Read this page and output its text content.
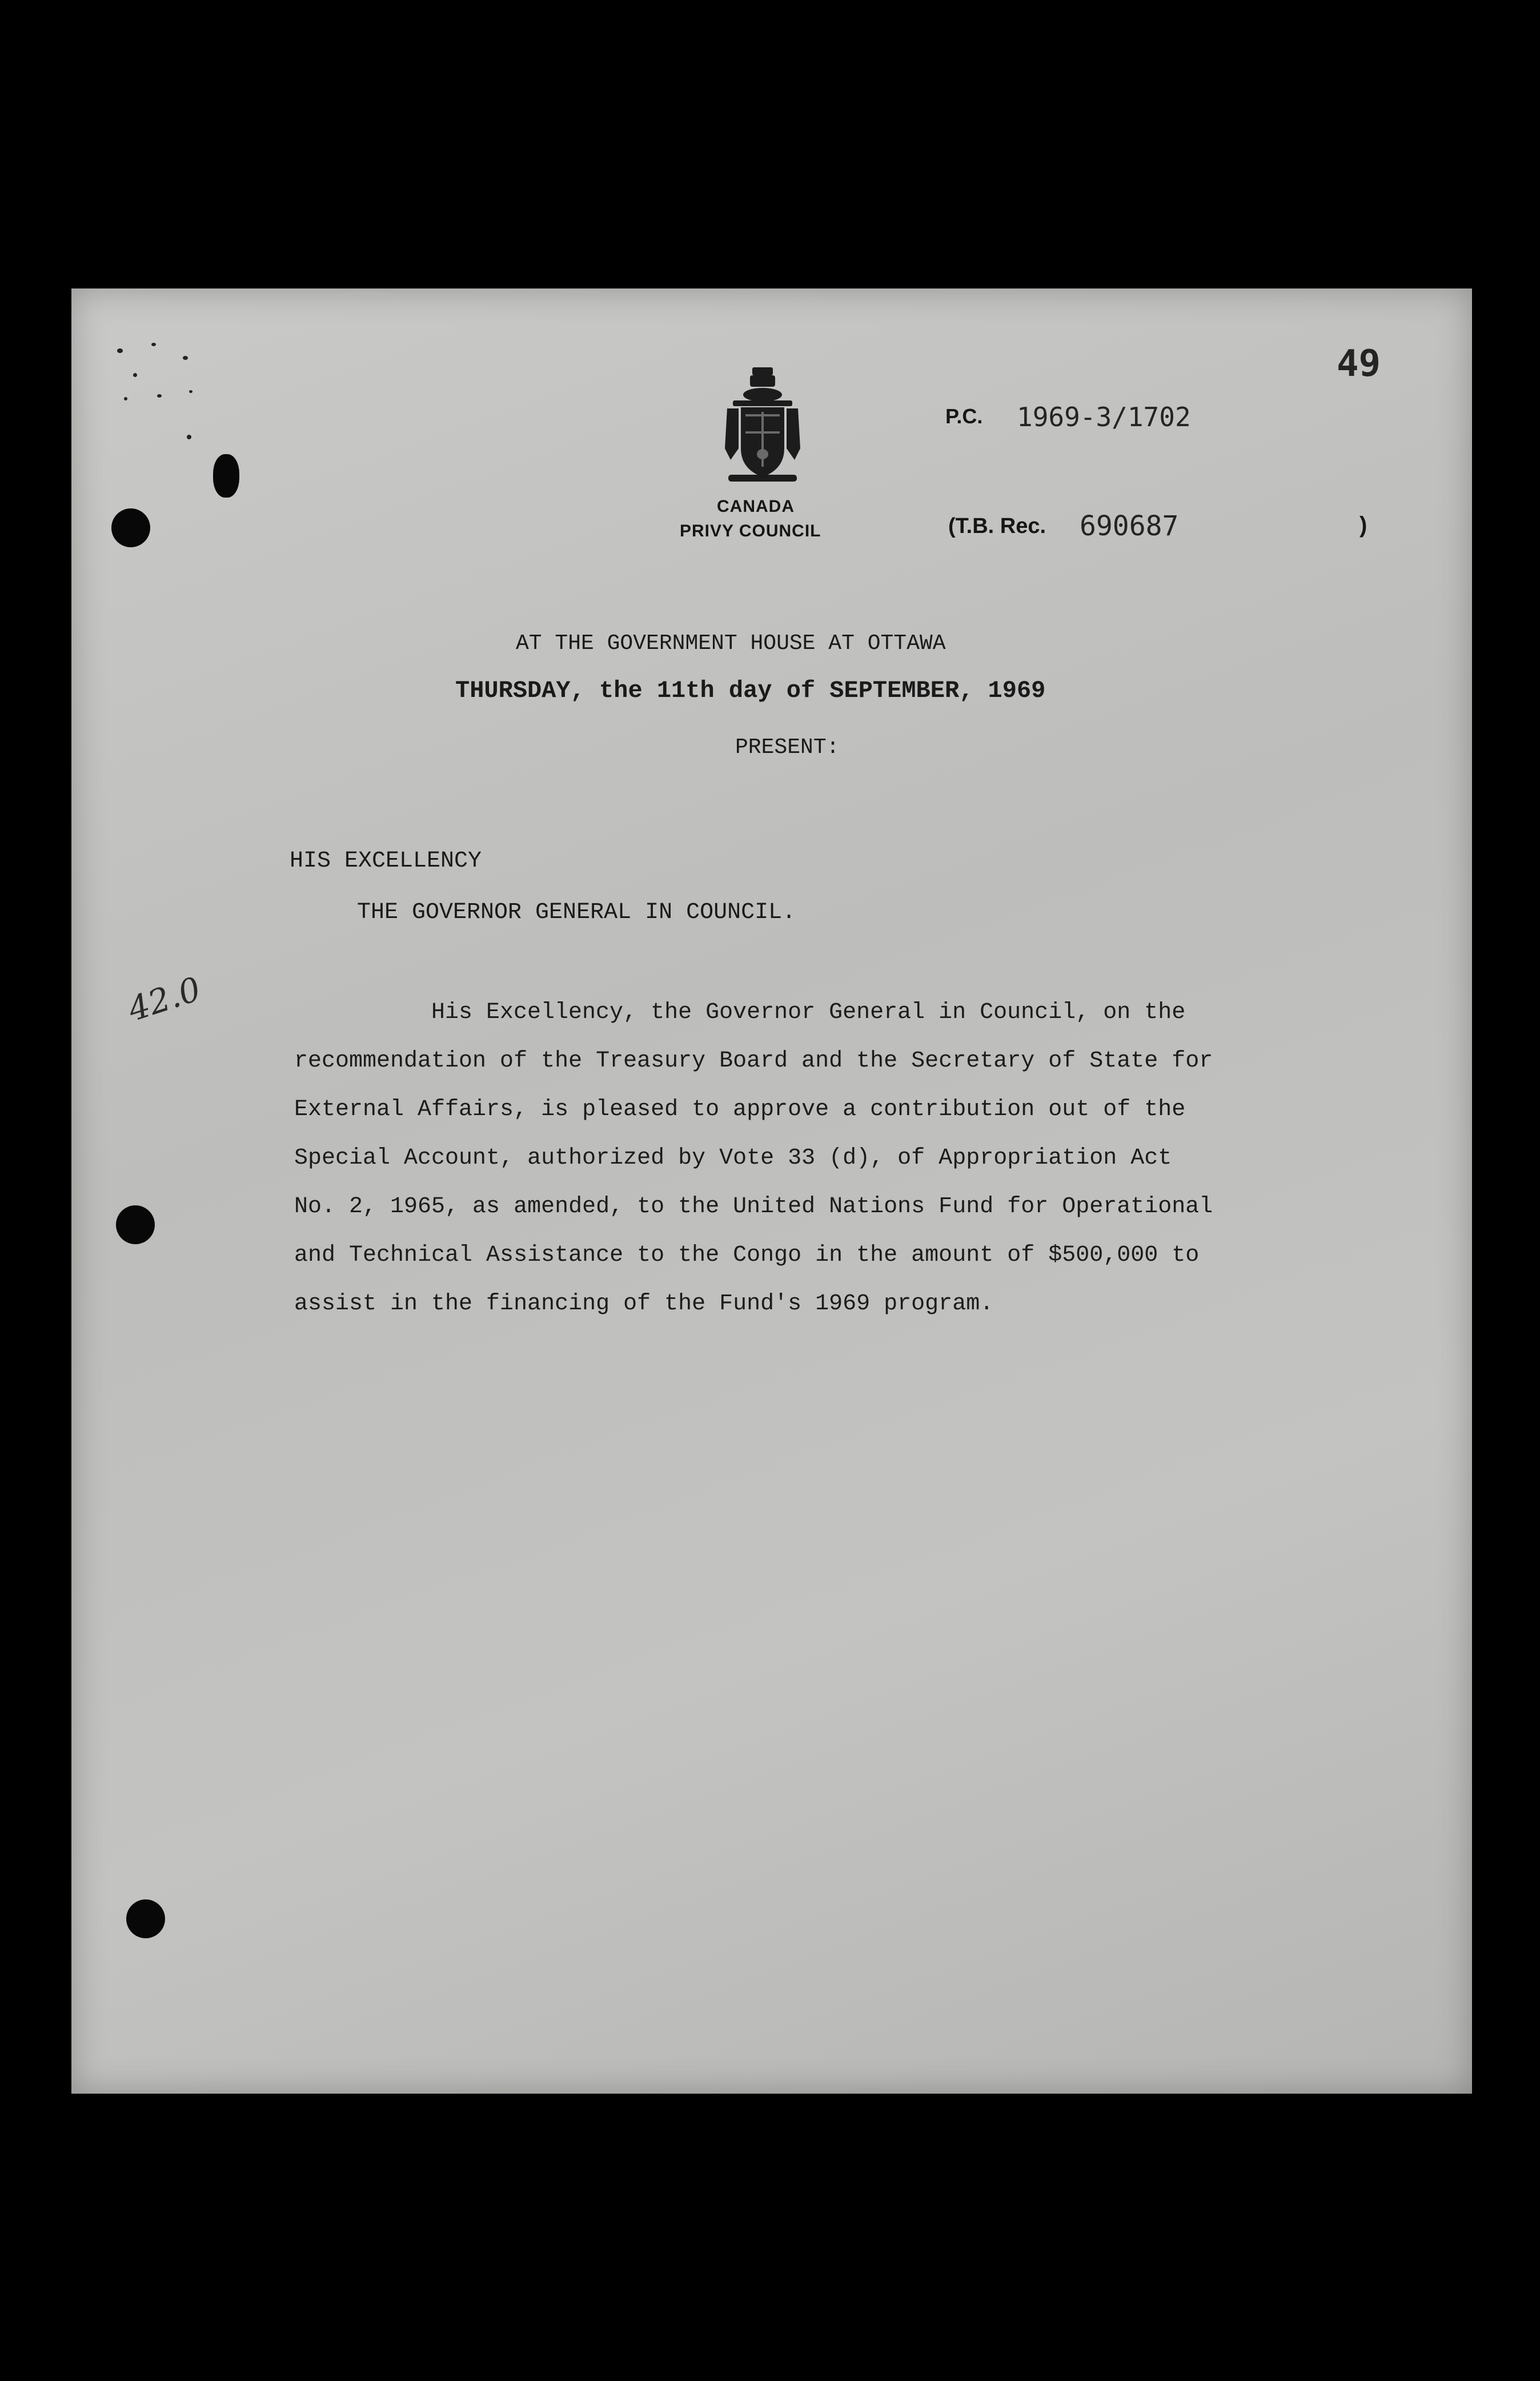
49
CANADA
PRIVY COUNCIL
P.C. 1969-3/1702
(T.B. Rec. 690687	)
AT THE GOVERNMENT HOUSE AT OTTAWA
THURSDAY, the 11th day of SEPTEMBER, 1969
PRESENT:
HIS EXCELLENCY
THE GOVERNOR GENERAL IN COUNCIL.
42.0	His Excellency, the Governor General in Council, on the
recommendation of the Treasury Board and the Secretary of State for
External Affairs, is pleased to approve a contribution out of the
Special Account, authorized by Vote 33 (d), of Appropriation Act
No. 2, 1965, as amended, to the United Nations Fund for Operational
and Technical Assistance to the Congo in the amount of $500,000 to
assist in the financing of the Fund's 1969 program.
